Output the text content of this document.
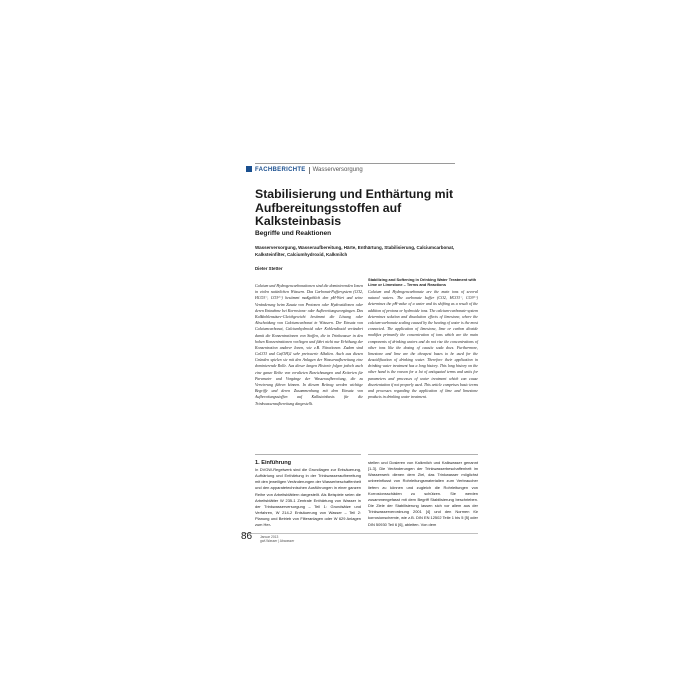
FACHBERICHTE Wasserversorgung
Stabilisierung und Enthärtung mit Aufbereitungsstoffen auf Kalksteinbasis
Begriffe und Reaktionen

Wasserversorgung, Wasseraufbereitung, Härte, Enthärtung, Stabilisierung, Calciumcarbonat, Kalksteinfilter, Calciumhydroxid, Kalkmilch

Dieter Stetter

Calcium und Hydrogencarbonationen sind die dominierenden Ionen in vielen natürlichen Wässern. Das Carbonat-Puffersystem (CO2, HCO3⁻, CO3²⁻) bestimmt maßgeblich den pH-Wert und seine Veränderung beim Zusatz von Protonen oder Hydroxidionen oder deren Entnahme bei Korrosions- oder Aufbereitungsvorgängen. Das Kalkkohlensäure-Gleichgewicht bestimmt die Lösung oder Abscheidung von Calciumcarbonat in Wässern. Der Einsatz von Calciumcarbonat, Calciumhydroxid oder Kohlendioxid verändert damit die Konzentrationen von Stoffen, die in Trinkwasser in den hohen Konzentrationen vorliegen und führt nicht nur Erhöhung der Konzentration anderer Ionen, wie z.B. Nitrationen. Zudem sind CaCO3 und Ca(OH)2 sehr preiswerte Alkalien. Auch aus diesen Gründen spielen sie mit den Anlagen der Wasseraufbereitung eine dominierende Rolle. Aus dieser langen Historie folgen jedoch auch eine ganze Reihe von veralteten Bezeichnungen und Kriterien für Parameter und Vorgänge der Wasseraufbereitung, die zu Verwirrung führen können. In diesem Beitrag werden wichtige Begriffe und deren Zusammenhang mit dem Einsatz von Aufbereitungsstoffen auf Kalksteinbasis für die Trinkwasseraufbereitung dargestellt.

Stabilizing and Softening in Drinking Water Treatment with Lime or Limestone – Terms and Reactions

Calcium and Hydrogencarbonate are the main ions of several natural waters. The carbonate buffer (CO2, HCO3⁻, CO3²⁻) determines the pH-value of a water and its shifting as a result of the addition of protons or hydroxide ions. The calcium-carbonate-system determines solution and dissolution effects of limestone, where the calcium-carbonate scaling caused by the heating of water is the most connected. The application of limestone, lime or carbon dioxide modifies primarily the concentration of ions which are the main components of drinking waters and do not rise the concentrations of other ions like the dosing of caustic soda does. Furthermore, limestone and lime are the cheapest bases to be used for the deacidification of drinking water. Therefore their application in drinking water treatment has a long history. This long history on the other hand is the reason for a lot of antiquated terms and units for parameters and processes of water treatment which can cause disorientation if not properly used. This article comprises basic terms and processes regarding the application of lime and limestone products in drinking water treatment.

1. Einführung

In DVGW-Regelwerk sind die Grundlagen zur Entsäuerung, Aufhärtung und Enthärtung in der Trinkwasseraufbereitung mit den jeweiligen Veränderungen der Wasserbeschaffenheit und den apparatetechnischen Ausführungen in einer ganzen Reihe von Arbeitsblättern dargestellt. Als Beispiele seien die Arbeitsblätter W 235-1 Zentrale Enthärtung von Wasser in der Trinkwasserversorgung – Teil 1: Grundsätze und Verfahren, W 214-2 Entsäuerung von Wasser – Teil 2: Planung und Betrieb von Filteranlagen oder W 629 Anlagen zum Her-

stellen und Dosieren von Kalkmilch und Kalkwasser genannt [1-3]. Die Veränderungen der Trinkwasserbeschaffenheit im Wasserwerk dienen dem Ziel, das Trinkwasser möglichst unbeeinflusst von Rohrleitungsmaterialien zum Verbraucher liefern zu können und zugleich die Rohrleitungen von Korrosionsschäden zu schützen. Sie werden zusammengefasst mit dem Begriff Stabilisierung beschrieben. Die Ziele der Stabilisierung lassen sich vor allem aus der Trinkwasserverordnung 2001 [4] und den Normen für korrosionschemie, wie z.B. DIN EN 12502 Teile 1 bis 5 [5] oder DIN 50930 Teil 6 [6], ableiten. Von dem

86 Januar 2013
gwf-Wasser | Abwasser
